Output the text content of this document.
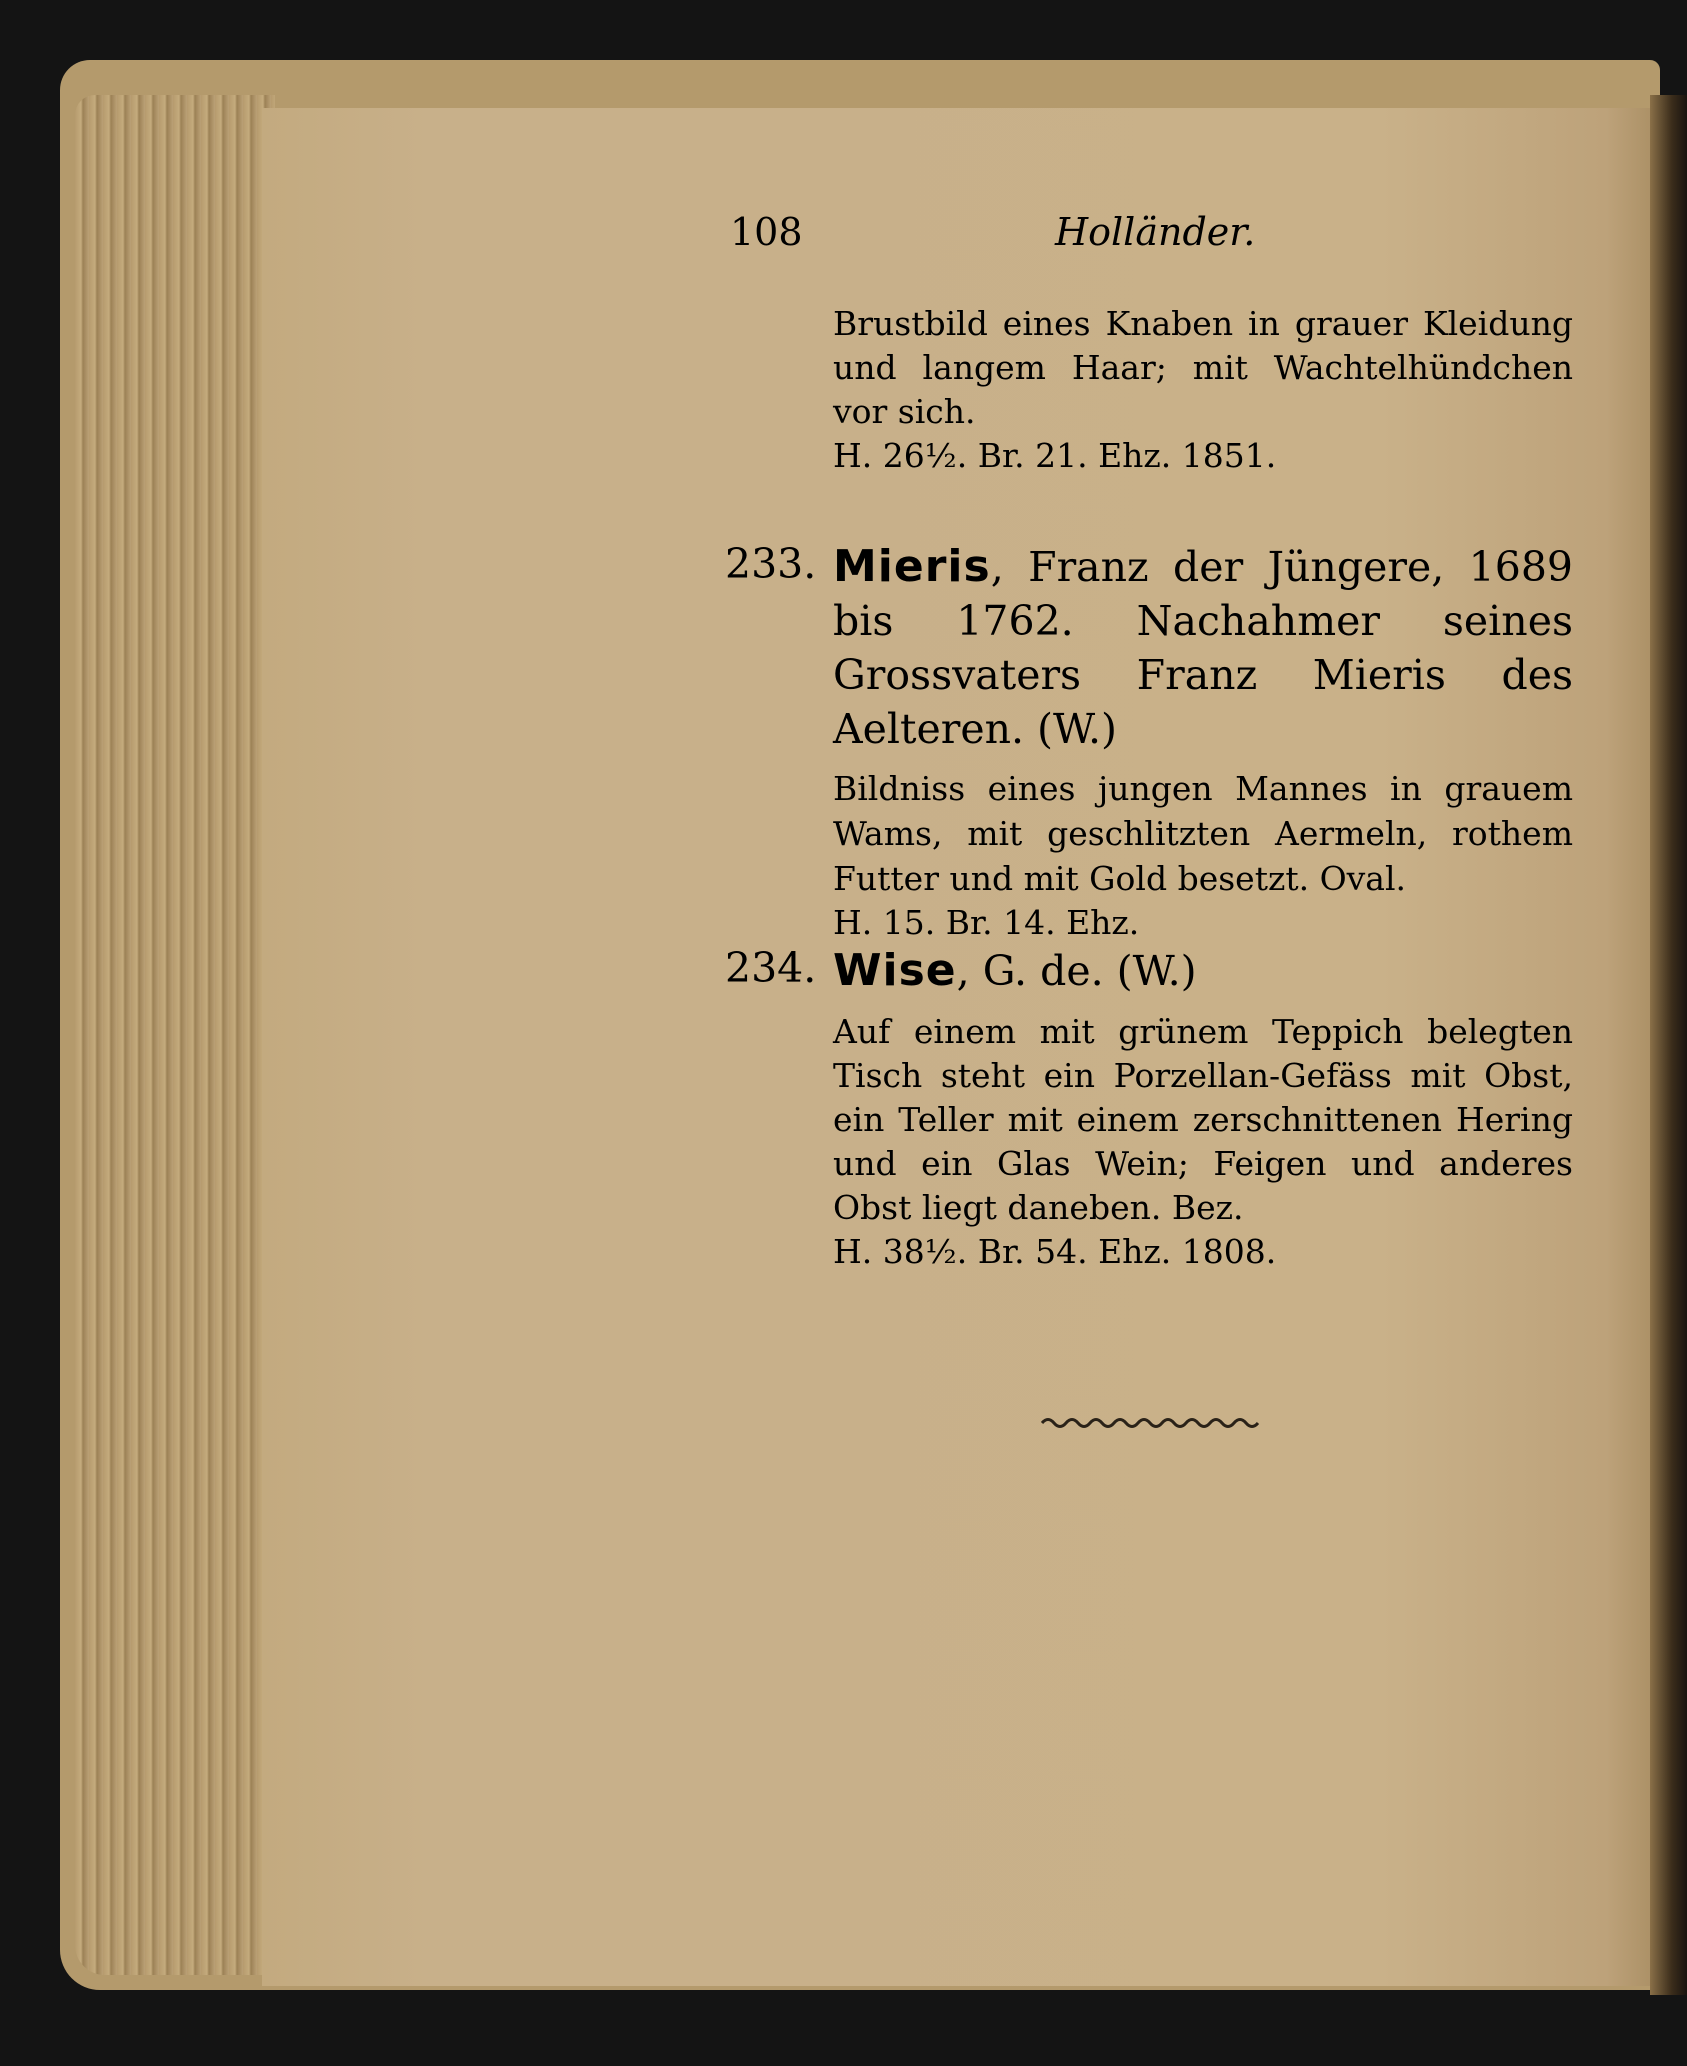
108	Holländer.
Brustbild eines Knaben in grauer Kleidung und langem Haar; mit Wachtelhündchen vor sich.
H. 26½. Br. 21. Ehz. 1851.
233. Mieris, Franz der Jüngere, 1689 bis 1762. Nachahmer seines Grossvaters Franz Mieris des Aelteren. (W.)
Bildniss eines jungen Mannes in grauem Wams, mit geschlitzten Aermeln, rothem Futter und mit Gold besetzt. Oval.
H. 15. Br. 14. Ehz.
234. Wise, G. de. (W.)
Auf einem mit grünem Teppich belegten Tisch steht ein Porzellan-Gefäss mit Obst, ein Teller mit einem zerschnittenen Hering und ein Glas Wein; Feigen und anderes Obst liegt daneben. Bez.
H. 38½. Br. 54. Ehz. 1808.
